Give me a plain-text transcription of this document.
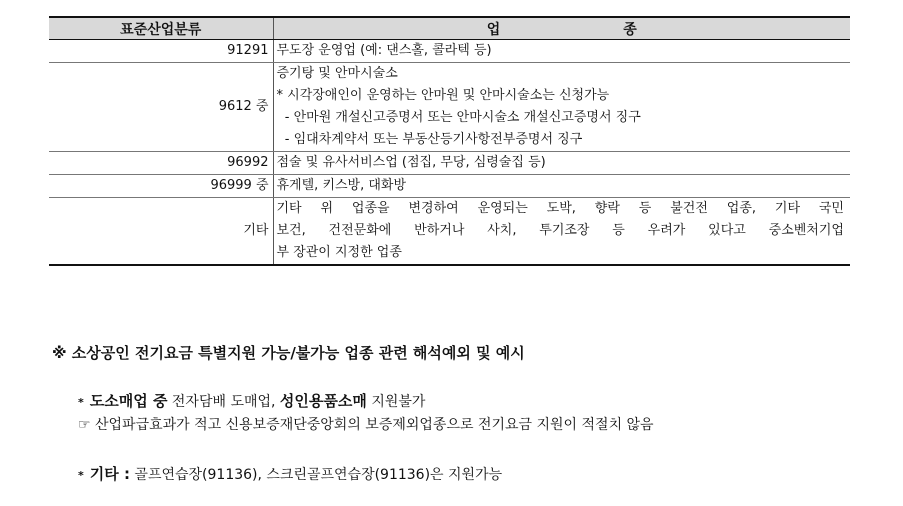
표준산업분류	업 종
91291	무도장 운영업 (예: 댄스홀, 콜라텍 등)

9612 중	증기탕 및 안마시술소
* 시각장애인이 운영하는 안마원 및 안마시술소는 신청가능
- 안마원 개설신고증명서 또는 안마시술소 개설신고증명서 징구
- 임대차계약서 또는 부동산등기사항전부증명서 징구

96992	점술 및 유사서비스업 (점집, 무당, 심령술집 등)

96999 중	휴게텔, 키스방, 대화방

기타	기타 위 업종을 변경하여 운영되는 도박, 향락 등 불건전 업종, 기타 국민
보건, 건전문화에 반하거나 사치, 투기조장 등 우려가 있다고 중소벤처기업
부 장관이 지정한 업종
※ 소상공인 전기요금 특별지원 가능/불가능 업종 관련 해석예외 및 예시
* 도소매업 중 전자담배 도매업, 성인용품소매 지원불가
☞ 산업파급효과가 적고 신용보증재단중앙회의 보증제외업종으로 전기요금 지원이 적절치 않음
* 기타 : 골프연습장(91136), 스크린골프연습장(91136)은 지원가능
